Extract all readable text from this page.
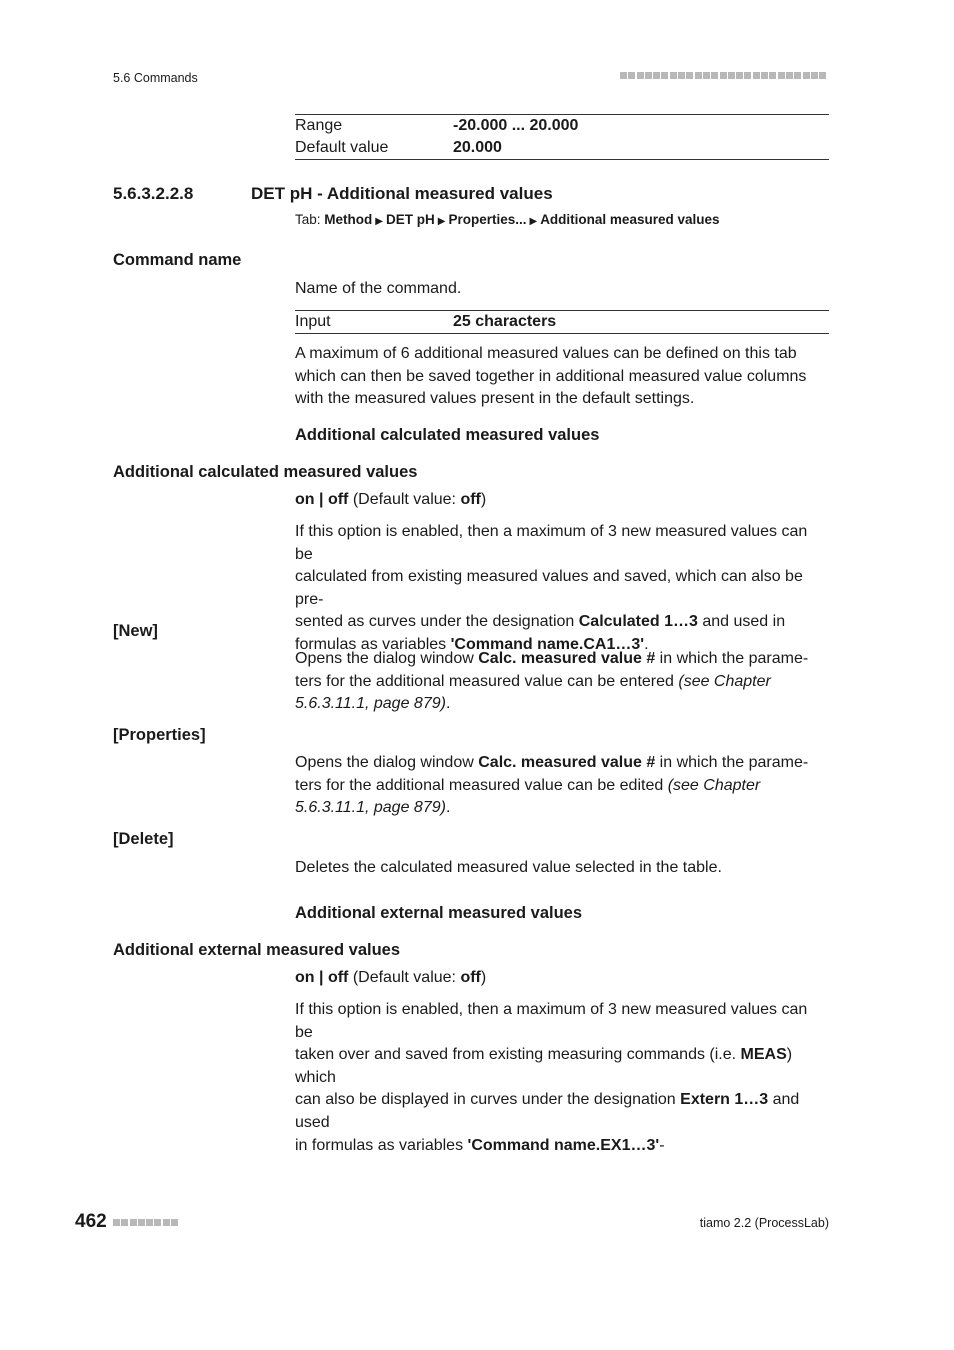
5.6 Commands
Range	-20.000 ... 20.000
Default value	20.000
5.6.3.2.2.8	DET pH - Additional measured values
Tab: Method ▶ DET pH ▶ Properties... ▶ Additional measured values
Command name
Name of the command.
Input	25 characters
A maximum of 6 additional measured values can be defined on this tab
which can then be saved together in additional measured value columns
with the measured values present in the default settings.
Additional calculated measured values
Additional calculated measured values
on | off (Default value: off)
If this option is enabled, then a maximum of 3 new measured values can be
calculated from existing measured values and saved, which can also be pre-
sented as curves under the designation Calculated 1…3 and used in
formulas as variables 'Command name.CA1…3'.
[New]
Opens the dialog window Calc. measured value # in which the parame-
ters for the additional measured value can be entered (see Chapter
5.6.3.11.1, page 879).
[Properties]
Opens the dialog window Calc. measured value # in which the parame-
ters for the additional measured value can be edited (see Chapter
5.6.3.11.1, page 879).
[Delete]
Deletes the calculated measured value selected in the table.
Additional external measured values
Additional external measured values
on | off (Default value: off)
If this option is enabled, then a maximum of 3 new measured values can be
taken over and saved from existing measuring commands (i.e. MEAS) which
can also be displayed in curves under the designation Extern 1…3 and used
in formulas as variables 'Command name.EX1…3'-
462	tiamo 2.2 (ProcessLab)
